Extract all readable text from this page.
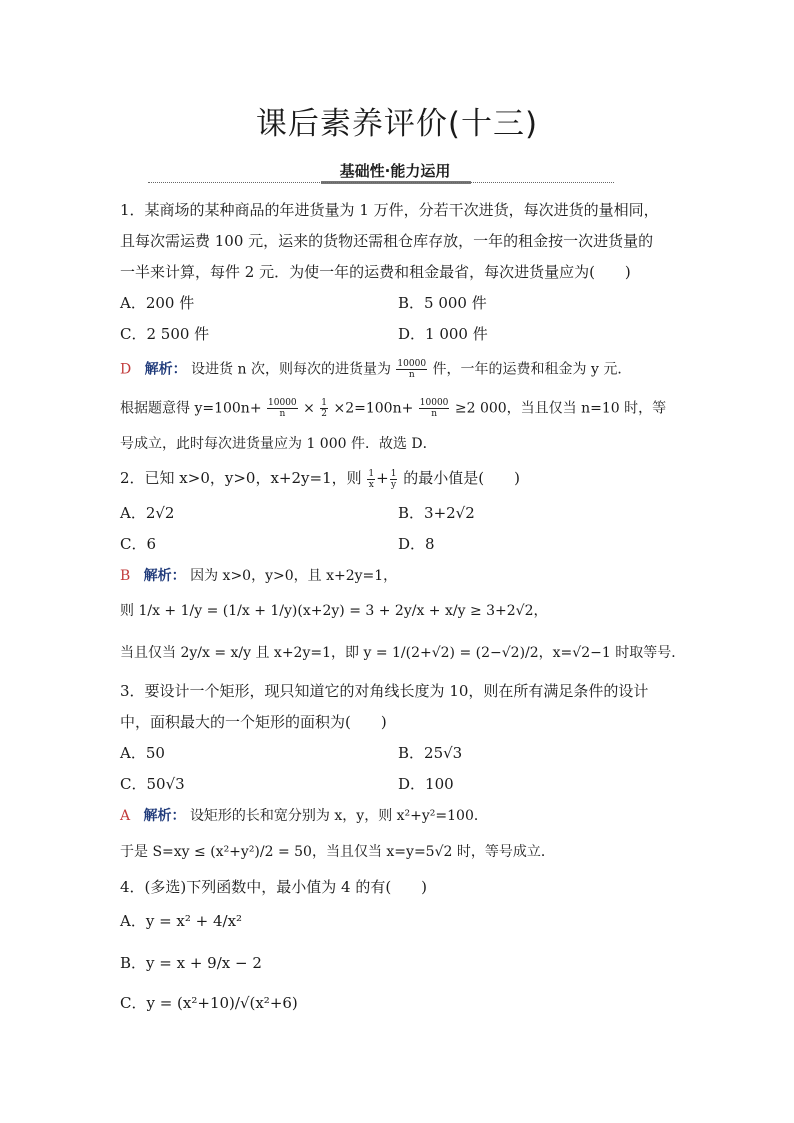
课后素养评价(十三)
基础性·能力运用
1．某商场的某种商品的年进货量为 1 万件，分若干次进货，每次进货的量相同，
且每次需运费 100 元，运来的货物还需租仓库存放，一年的租金按一次进货量的
一半来计算，每件 2 元．为使一年的运费和租金最省，每次进货量应为(　　)
A．200 件	B．5 000 件
C．2 500 件	D．1 000 件
D 解析： 设进货 n 次，则每次的进货量为 $\frac{10000}{n}$ 件，一年的运费和租金为 y 元．
根据题意得 $y=100n+ \frac{10000}{n} \times \frac{1}{2} \times 2=100n+ \frac{10000}{n} \ge 2$ 000，当且仅当 n=10 时，等
号成立，此时每次进货量应为 1 000 件．故选 D．
2．已知 x>0，y>0，x+2y=1，则 $\frac{1}{x} + \frac{1}{y}$ 的最小值是(　　)
A．2√2	B．3+2√2
C．6	D．8
B 解析： 因为 x>0，y>0，且 x+2y=1，
则 1/x + 1/y = (1/x + 1/y)(x+2y) = 3 + 2y/x + x/y ≥ 3+2√2，
当且仅当 2y/x = x/y 且 x+2y=1，即 y = 1/(2+√2) = (2−√2)/2，x=√2−1 时取等号．
3．要设计一个矩形，现只知道它的对角线长度为 10，则在所有满足条件的设计
中，面积最大的一个矩形的面积为(　　)
A．50	B．25√3
C．50√3	D．100
A 解析： 设矩形的长和宽分别为 x，y，则 x²+y²=100．
于是 S=xy ≤ (x²+y²)/2 = 50，当且仅当 x=y=5√2 时，等号成立．
4．(多选)下列函数中，最小值为 4 的有(　　)
A．y = x² + 4/x²
B．y = x + 9/x − 2
C．y = (x²+10)/√(x²+6)
